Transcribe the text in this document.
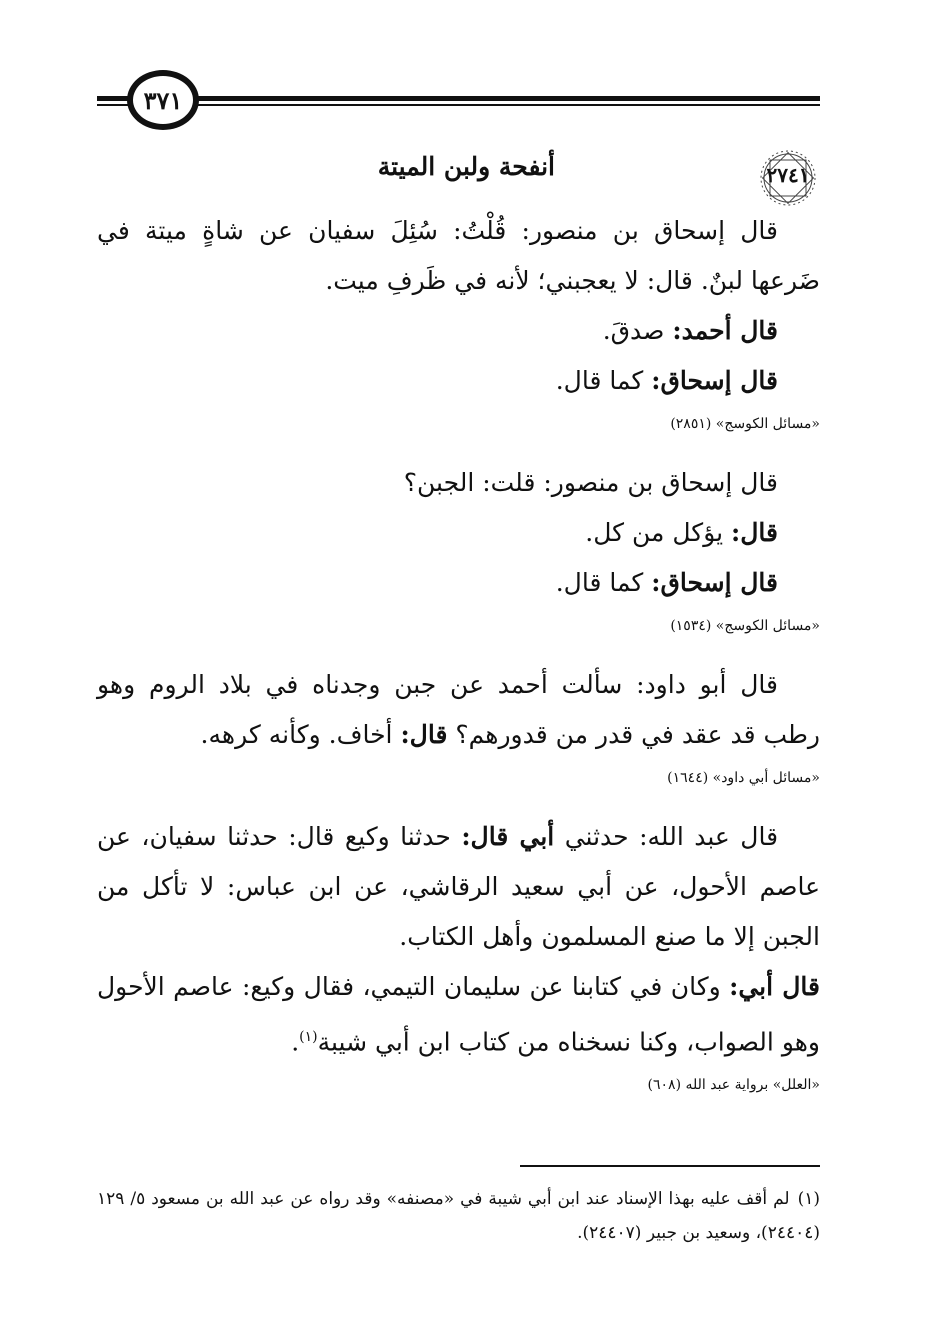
٣٧١
أنفحة ولبن الميتة	٢٧٤١

قال إسحاق بن منصور: قُلْتُ: سُئِلَ سفيان عن شاةٍ ميتة في ضَرعها لبنٌ. قال: لا يعجبني؛ لأنه في ظَرفِ ميت.

قال أحمد: صدقَ.

قال إسحاق: كما قال.

«مسائل الكوسج» (٢٨٥١)

قال إسحاق بن منصور: قلت: الجبن؟

قال: يؤكل من كل.

قال إسحاق: كما قال.

«مسائل الكوسج» (١٥٣٤)

قال أبو داود: سألت أحمد عن جبن وجدناه في بلاد الروم وهو رطب قد عقد في قدر من قدورهم؟ قال: أخاف. وكأنه كرهه.

«مسائل أبي داود» (١٦٤٤)

قال عبد الله: حدثني أبي قال: حدثنا وكيع قال: حدثنا سفيان، عن عاصم الأحول، عن أبي سعيد الرقاشي، عن ابن عباس: لا تأكل من الجبن إلا ما صنع المسلمون وأهل الكتاب.

قال أبي: وكان في كتابنا عن سليمان التيمي، فقال وكيع: عاصم الأحول وهو الصواب، وكنا نسخناه من كتاب ابن أبي شيبة$^{(١)}$.

«العلل» برواية عبد الله (٦٠٨)
(١)لم أقف عليه بهذا الإسناد عند ابن أبي شيبة في «مصنفه» وقد رواه عن عبد الله بن مسعود ٥/ ١٢٩ (٢٤٤٠٤)، وسعيد بن جبير (٢٤٤٠٧).
